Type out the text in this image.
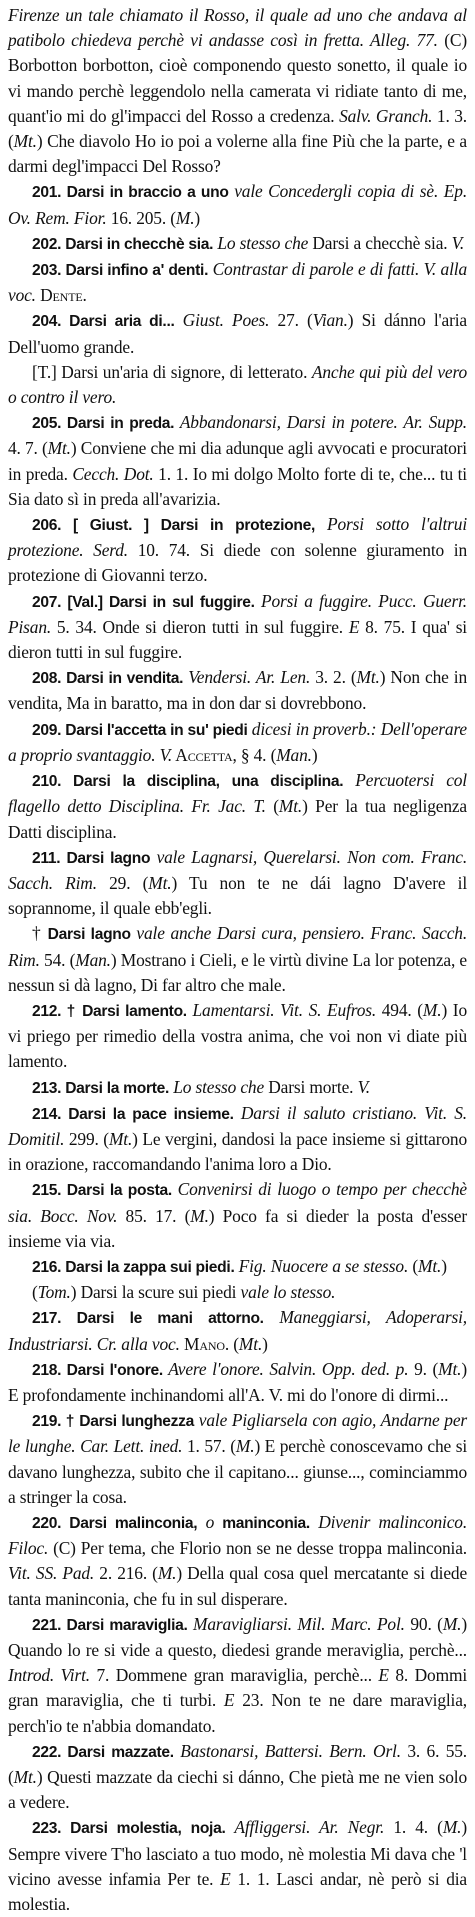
Firenze un tale chiamato il Rosso, il quale ad uno che andava al patibolo chiedeva perchè vi andasse così in fretta. Alleg. 77. (C) Borbotton borbotton, cioè componendo questo sonetto, il quale io vi mando perchè leggendolo nella camerata vi ridiate tanto di me, quant'io mi do gl'impacci del Rosso a credenza. Salv. Granch. 1. 3. (Mt.) Che diavolo Ho io poi a volerne alla fine Più che la parte, e a darmi degl'impacci Del Rosso?

201. Darsi in braccio a uno vale Concedergli copia di sè. Ep. Ov. Rem. Fior. 16. 205. (M.)

202. Darsi in checchè sia. Lo stesso che Darsi a checchè sia. V.

203. Darsi infino a' denti. Contrastar di parole e di fatti. V. alla voc. Dente.

204. Darsi aria di... Giust. Poes. 27. (Vian.) Si dánno l'aria Dell'uomo grande.

[T.] Darsi un'aria di signore, di letterato. Anche qui più del vero o contro il vero.

205. Darsi in preda. Abbandonarsi, Darsi in potere. Ar. Supp. 4. 7. (Mt.) Conviene che mi dia adunque agli avvocati e procuratori in preda. Cecch. Dot. 1. 1. Io mi dolgo Molto forte di te, che... tu ti Sia dato sì in preda all'avarizia.

206. [ Giust. ] Darsi in protezione, Porsi sotto l'altrui protezione. Serd. 10. 74. Si diede con solenne giuramento in protezione di Giovanni terzo.

207. [Val.] Darsi in sul fuggire. Porsi a fuggire. Pucc. Guerr. Pisan. 5. 34. Onde si dieron tutti in sul fuggire. E 8. 75. I qua' si dieron tutti in sul fuggire.

208. Darsi in vendita. Vendersi. Ar. Len. 3. 2. (Mt.) Non che in vendita, Ma in baratto, ma in don dar si dovrebbono.

209. Darsi l'accetta in su' piedi dicesi in proverb.: Dell'operare a proprio svantaggio. V. Accetta, § 4. (Man.)

210. Darsi la disciplina, una disciplina. Percuotersi col flagello detto Disciplina. Fr. Jac. T. (Mt.) Per la tua negligenza Datti disciplina.

211. Darsi lagno vale Lagnarsi, Querelarsi. Non com. Franc. Sacch. Rim. 29. (Mt.) Tu non te ne dái lagno D'avere il soprannome, il quale ebb'egli.

† Darsi lagno vale anche Darsi cura, pensiero. Franc. Sacch. Rim. 54. (Man.) Mostrano i Cieli, e le virtù divine La lor potenza, e nessun si dà lagno, Di far altro che male.

212. † Darsi lamento. Lamentarsi. Vit. S. Eufros. 494. (M.) Io vi priego per rimedio della vostra anima, che voi non vi diate più lamento.

213. Darsi la morte. Lo stesso che Darsi morte. V.

214. Darsi la pace insieme. Darsi il saluto cristiano. Vit. S. Domitil. 299. (Mt.) Le vergini, dandosi la pace insieme si gittarono in orazione, raccomandando l'anima loro a Dio.

215. Darsi la posta. Convenirsi di luogo o tempo per checchè sia. Bocc. Nov. 85. 17. (M.) Poco fa si dieder la posta d'esser insieme via via.

216. Darsi la zappa sui piedi. Fig. Nuocere a se stesso. (Mt.)

(Tom.) Darsi la scure sui piedi vale lo stesso.

217. Darsi le mani attorno. Maneggiarsi, Adoperarsi, Industriarsi. Cr. alla voc. Mano. (Mt.)

218. Darsi l'onore. Avere l'onore. Salvin. Opp. ded. p. 9. (Mt.) E profondamente inchinandomi all'A. V. mi do l'onore di dirmi...

219. † Darsi lunghezza vale Pigliarsela con agio, Andarne per le lunghe. Car. Lett. ined. 1. 57. (M.) E perchè conoscevamo che si davano lunghezza, subito che il capitano... giunse..., cominciammo a stringer la cosa.

220. Darsi malinconia, o maninconia. Divenir malinconico. Filoc. (C) Per tema, che Florio non se ne desse troppa malinconia. Vit. SS. Pad. 2. 216. (M.) Della qual cosa quel mercatante si diede tanta maninconia, che fu in sul disperare.

221. Darsi maraviglia. Maravigliarsi. Mil. Marc. Pol. 90. (M.) Quando lo re si vide a questo, diedesi grande meraviglia, perchè... Introd. Virt. 7. Dommene gran maraviglia, perchè... E 8. Dommi gran maraviglia, che ti turbi. E 23. Non te ne dare maraviglia, perch'io te n'abbia domandato.

222. Darsi mazzate. Bastonarsi, Battersi. Bern. Orl. 3. 6. 55. (Mt.) Questi mazzate da ciechi si dánno, Che pietà me ne vien solo a vedere.

223. Darsi molestia, noja. Affliggersi. Ar. Negr. 1. 4. (M.) Sempre vivere T'ho lasciato a tuo modo, nè molestia Mi dava che 'l vicino avesse infamia Per te. E 1. 1. Lasci andar, nè però si dia molestia.
